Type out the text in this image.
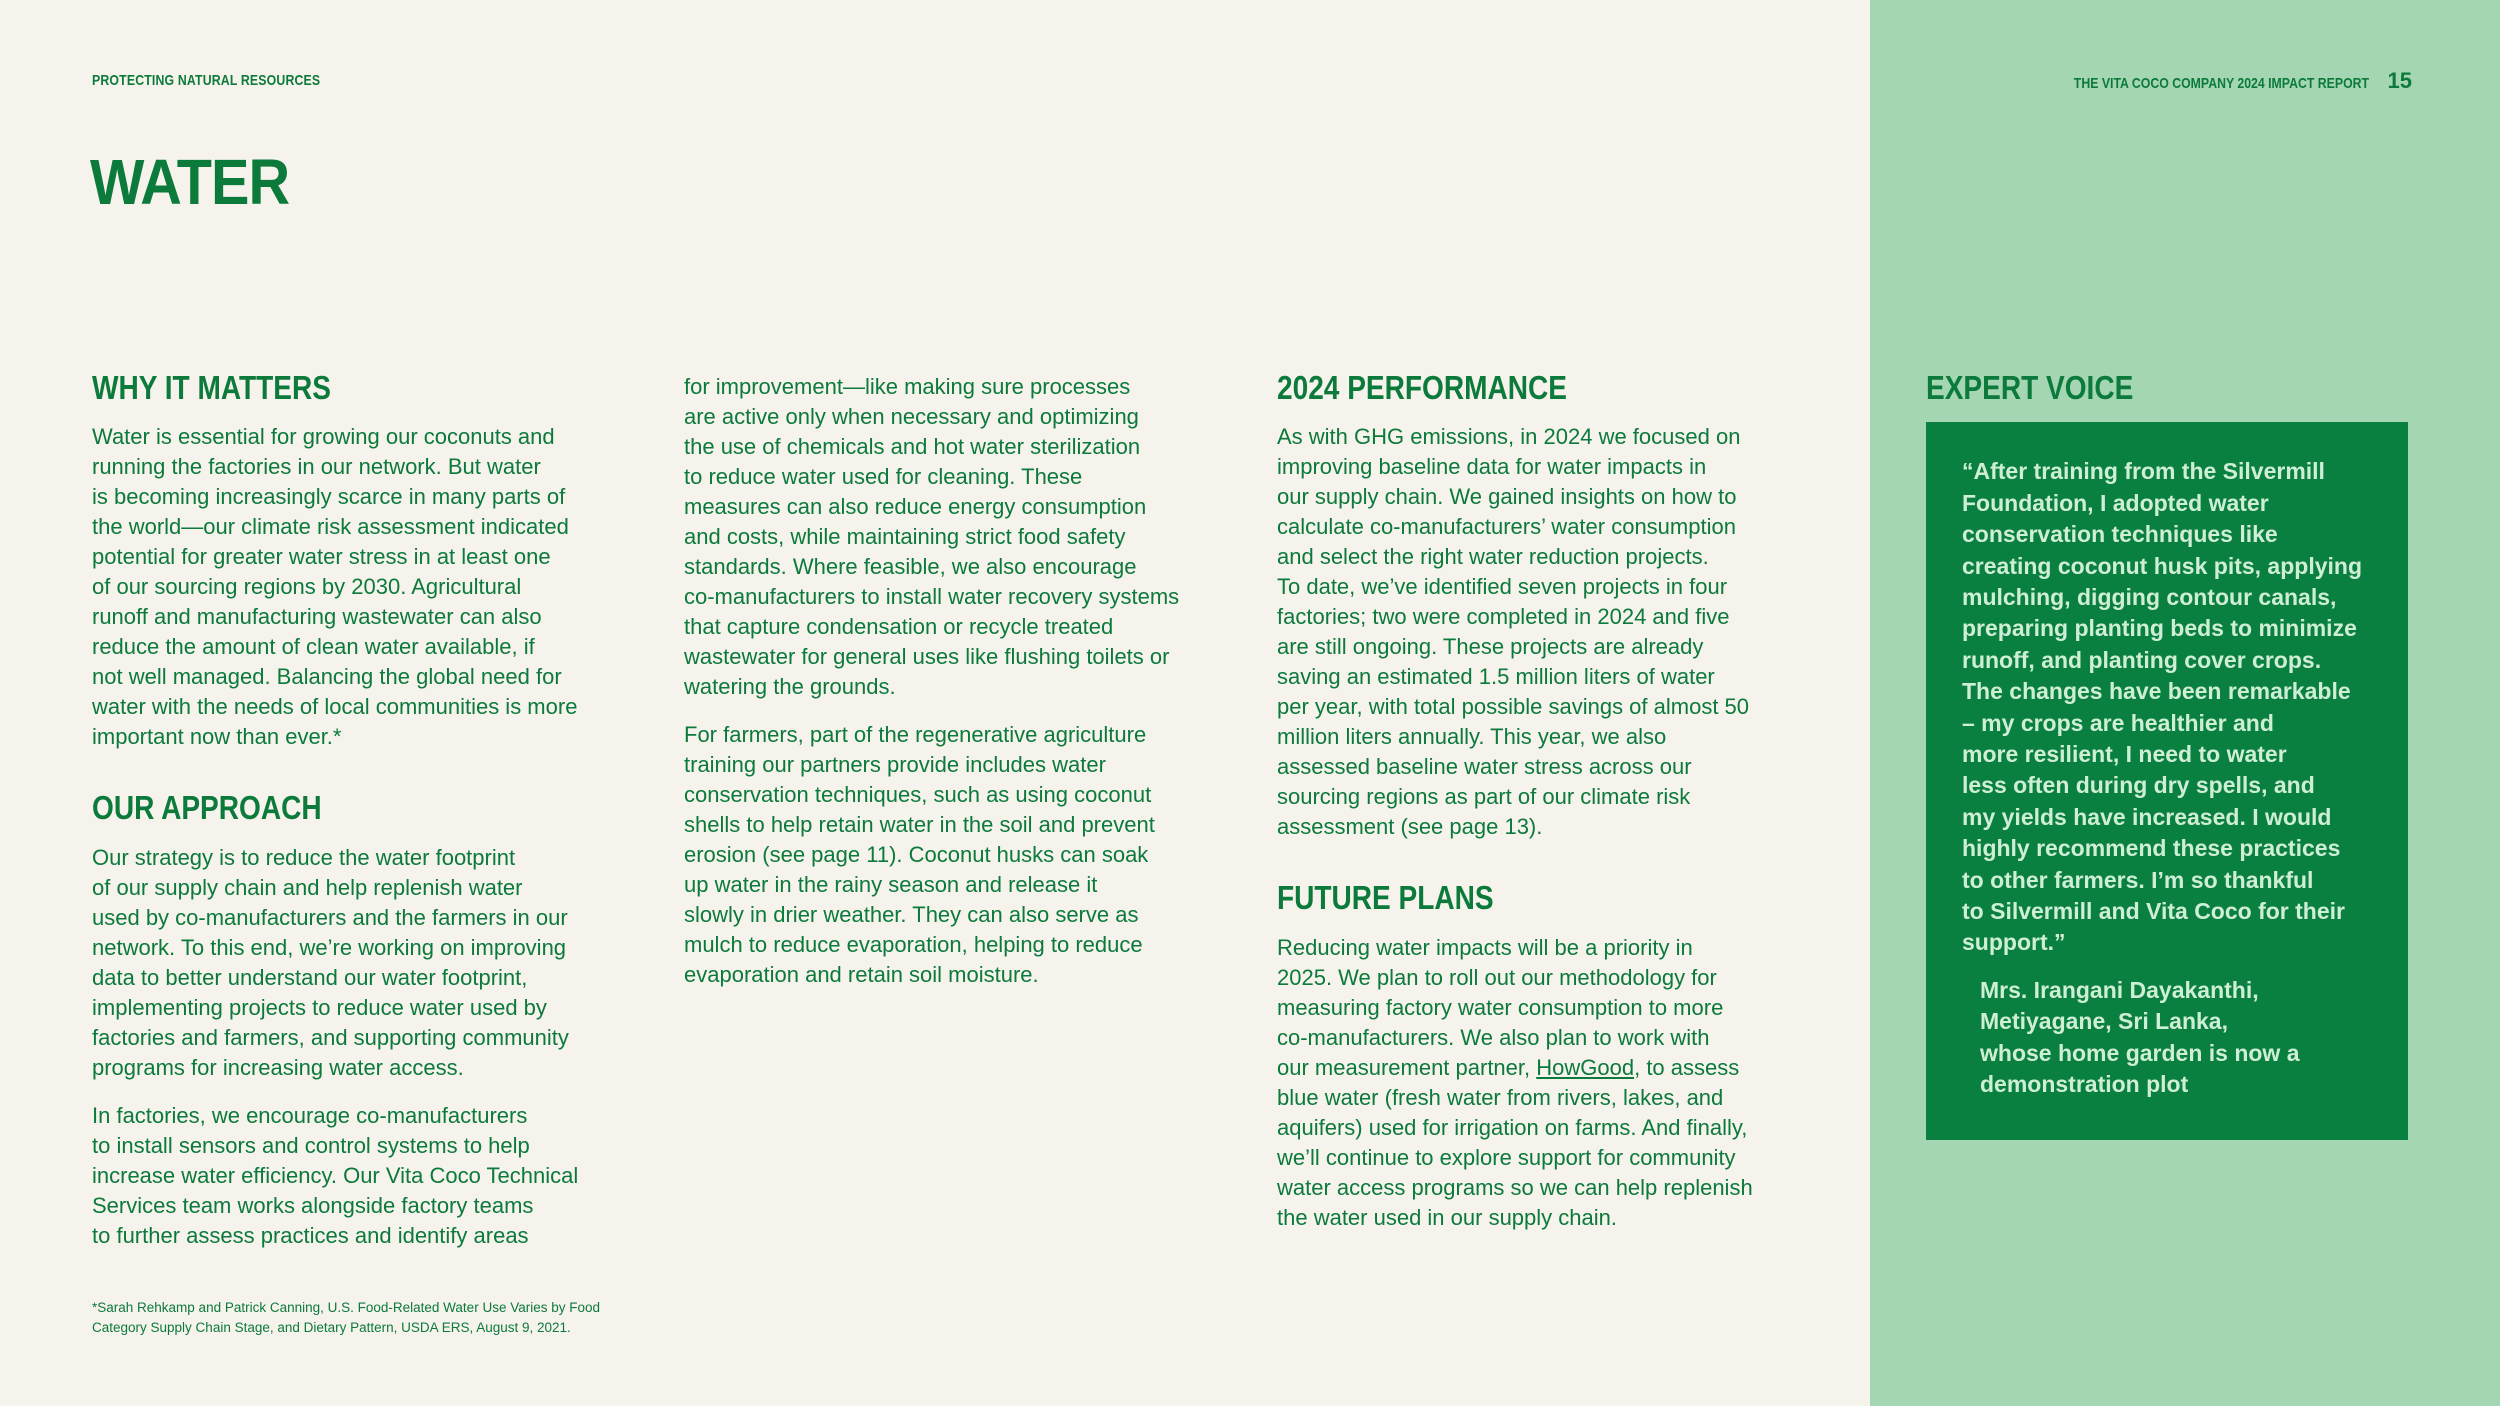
PROTECTING NATURAL RESOURCES	THE VITA COCO COMPANY 2024 IMPACT REPORT 15
WATER
WHY IT MATTERS

Water is essential for growing our coconuts and
running the factories in our network. But water
is becoming increasingly scarce in many parts of
the world—our climate risk assessment indicated
potential for greater water stress in at least one
of our sourcing regions by 2030. Agricultural
runoff and manufacturing wastewater can also
reduce the amount of clean water available, if
not well managed. Balancing the global need for
water with the needs of local communities is more
important now than ever.*

OUR APPROACH

Our strategy is to reduce the water footprint
of our supply chain and help replenish water
used by co-manufacturers and the farmers in our
network. To this end, we’re working on improving
data to better understand our water footprint,
implementing projects to reduce water used by
factories and farmers, and supporting community
programs for increasing water access.

In factories, we encourage co-manufacturers
to install sensors and control systems to help
increase water efficiency. Our Vita Coco Technical
Services team works alongside factory teams
to further assess practices and identify areas

for improvement—like making sure processes
are active only when necessary and optimizing
the use of chemicals and hot water sterilization
to reduce water used for cleaning. These
measures can also reduce energy consumption
and costs, while maintaining strict food safety
standards. Where feasible, we also encourage
co-manufacturers to install water recovery systems
that capture condensation or recycle treated
wastewater for general uses like flushing toilets or
watering the grounds.

For farmers, part of the regenerative agriculture
training our partners provide includes water
conservation techniques, such as using coconut
shells to help retain water in the soil and prevent
erosion (see page 11). Coconut husks can soak
up water in the rainy season and release it
slowly in drier weather. They can also serve as
mulch to reduce evaporation, helping to reduce
evaporation and retain soil moisture.

2024 PERFORMANCE

As with GHG emissions, in 2024 we focused on
improving baseline data for water impacts in
our supply chain. We gained insights on how to
calculate co-manufacturers’ water consumption
and select the right water reduction projects.
To date, we’ve identified seven projects in four
factories; two were completed in 2024 and five
are still ongoing. These projects are already
saving an estimated 1.5 million liters of water
per year, with total possible savings of almost 50
million liters annually. This year, we also
assessed baseline water stress across our
sourcing regions as part of our climate risk
assessment (see page 13).

FUTURE PLANS

Reducing water impacts will be a priority in
2025. We plan to roll out our methodology for
measuring factory water consumption to more
co-manufacturers. We also plan to work with
our measurement partner, HowGood, to assess
blue water (fresh water from rivers, lakes, and
aquifers) used for irrigation on farms. And finally,
we’ll continue to explore support for community
water access programs so we can help replenish
the water used in our supply chain.

EXPERT VOICE

“After training from the Silvermill
Foundation, I adopted water
conservation techniques like
creating coconut husk pits, applying
mulching, digging contour canals,
preparing planting beds to minimize
runoff, and planting cover crops.
The changes have been remarkable
– my crops are healthier and
more resilient, I need to water
less often during dry spells, and
my yields have increased. I would
highly recommend these practices
to other farmers. I’m so thankful
to Silvermill and Vita Coco for their
support.”

Mrs. Irangani Dayakanthi,
Metiyagane, Sri Lanka,
whose home garden is now a
demonstration plot

*Sarah Rehkamp and Patrick Canning, U.S. Food-Related Water Use Varies by Food
Category Supply Chain Stage, and Dietary Pattern, USDA ERS, August 9, 2021.
